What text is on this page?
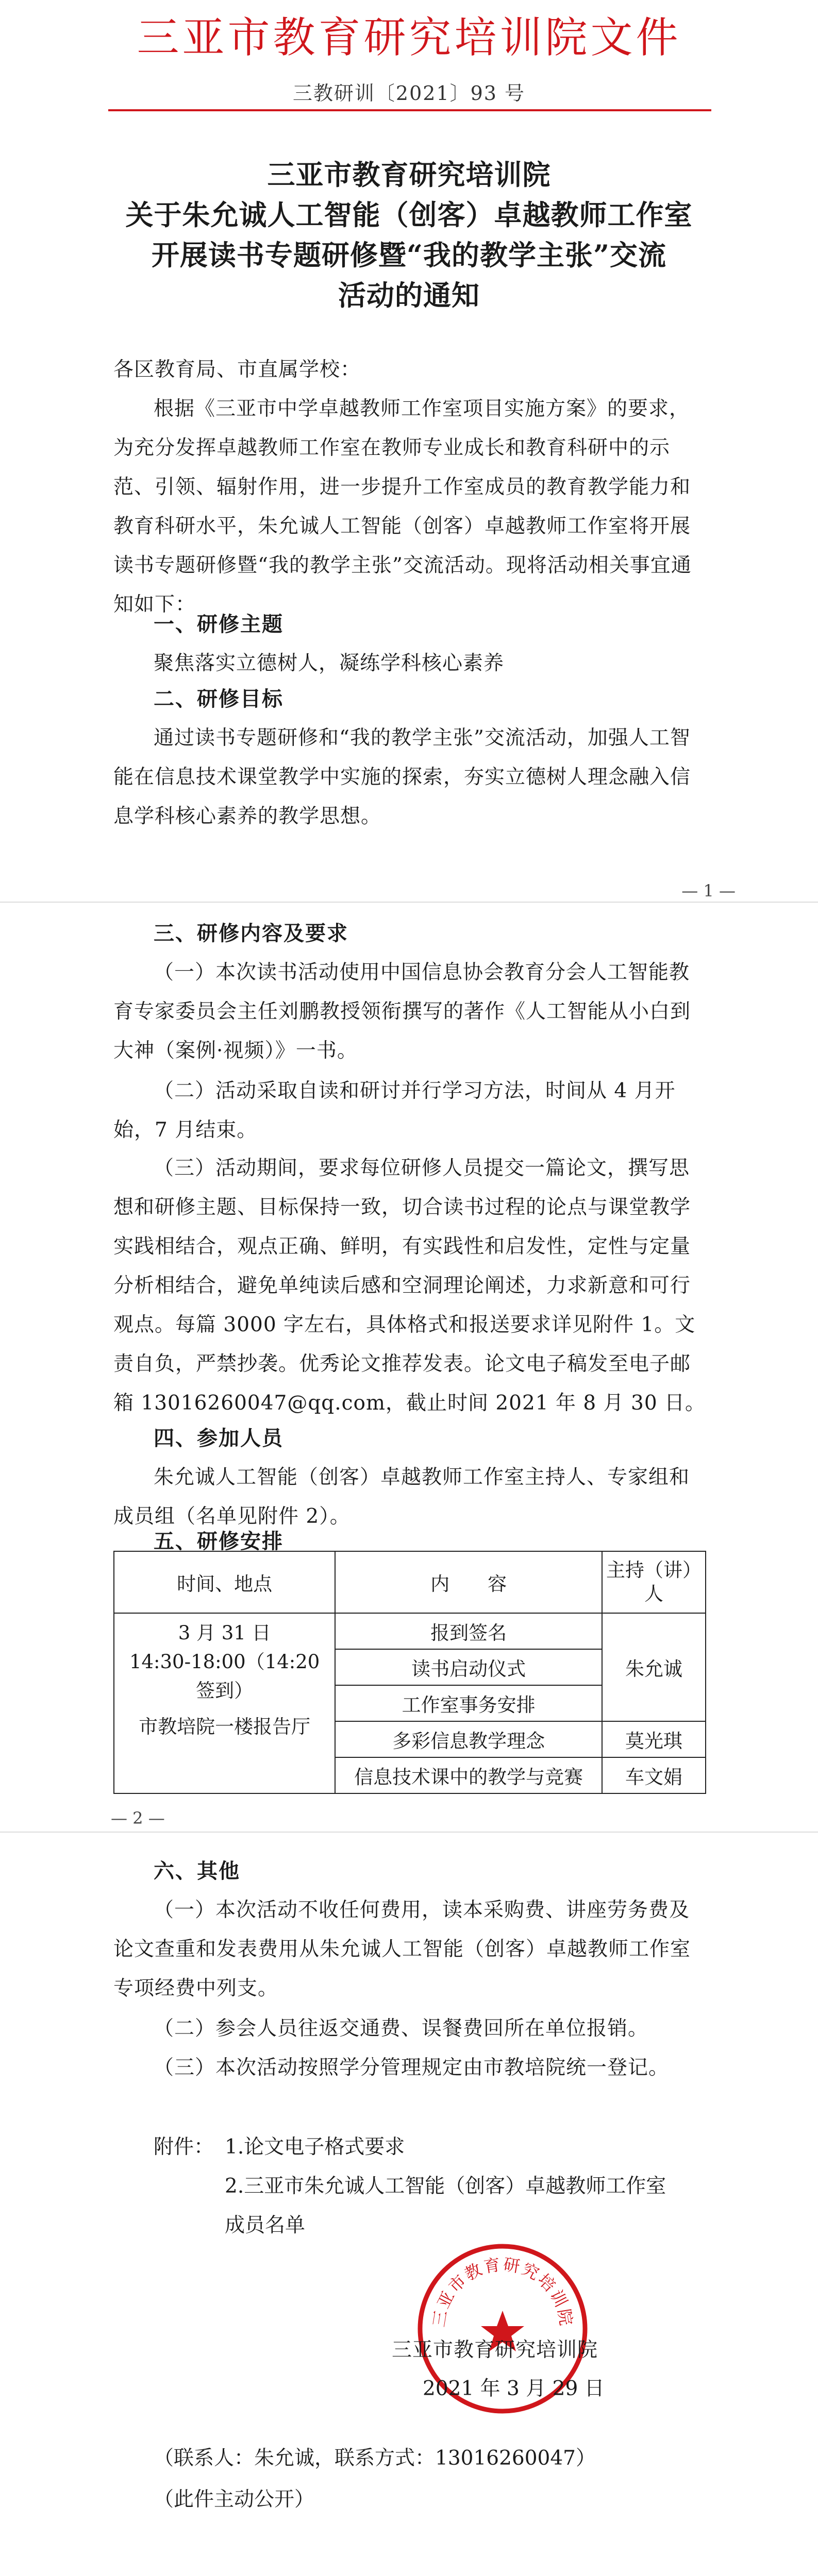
三亚市教育研究培训院文件
三教研训〔2021〕93 号
三亚市教育研究培训院
关于朱允诚人工智能（创客）卓越教师工作室
开展读书专题研修暨“我的教学主张”交流
活动的通知
各区教育局、市直属学校：
根据《三亚市中学卓越教师工作室项目实施方案》的要求，为充分发挥卓越教师工作室在教师专业成长和教育科研中的示范、引领、辐射作用，进一步提升工作室成员的教育教学能力和教育科研水平，朱允诚人工智能（创客）卓越教师工作室将开展读书专题研修暨“我的教学主张”交流活动。现将活动相关事宜通知如下：
一、研修主题
聚焦落实立德树人，凝练学科核心素养
二、研修目标
通过读书专题研修和“我的教学主张”交流活动，加强人工智能在信息技术课堂教学中实施的探索，夯实立德树人理念融入信息学科核心素养的教学思想。
— 1 —
三、研修内容及要求
（一）本次读书活动使用中国信息协会教育分会人工智能教育专家委员会主任刘鹏教授领衔撰写的著作《人工智能从小白到大神（案例·视频）》一书。
（二）活动采取自读和研讨并行学习方法，时间从 4 月开始，7 月结束。
（三）活动期间，要求每位研修人员提交一篇论文，撰写思想和研修主题、目标保持一致，切合读书过程的论点与课堂教学实践相结合，观点正确、鲜明，有实践性和启发性，定性与定量分析相结合，避免单纯读后感和空洞理论阐述，力求新意和可行观点。每篇 3000 字左右，具体格式和报送要求详见附件 1。文责自负，严禁抄袭。优秀论文推荐发表。论文电子稿发至电子邮箱 13016260047@qq.com，截止时间 2021 年 8 月 30 日。
四、参加人员
朱允诚人工智能（创客）卓越教师工作室主持人、专家组和成员组（名单见附件 2）。
五、研修安排
时间、地点	内　　容	主持（讲）人

3 月 31 日
14:30-18:00（14:20 签到）
市教培院一楼报告厅	报到签名	朱允诚
	读书启动仪式	
	工作室事务安排	
	多彩信息教学理念	莫光琪
	信息技术课中的教学与竞赛	车文娟
— 2 —
六、其他
（一）本次活动不收任何费用，读本采购费、讲座劳务费及论文查重和发表费用从朱允诚人工智能（创客）卓越教师工作室专项经费中列支。
（二）参会人员往返交通费、误餐费回所在单位报销。
（三）本次活动按照学分管理规定由市教培院统一登记。
附件： 1.论文电子格式要求
2.三亚市朱允诚人工智能（创客）卓越教师工作室成员名单
三亚市教育研究培训院
三亚市教育研究培训院
2021 年 3 月 29 日
（联系人：朱允诚，联系方式：13016260047）
（此件主动公开）
